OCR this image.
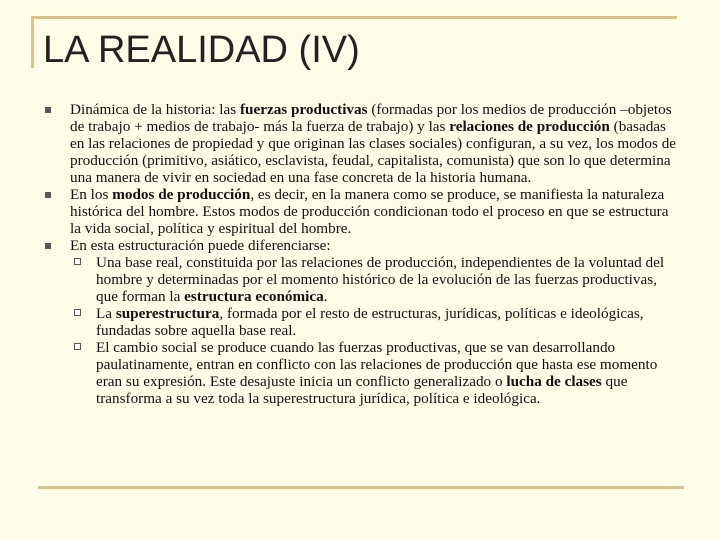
LA REALIDAD (IV)
Dinámica de la historia: las fuerzas productivas (formadas por los medios de producción –objetos de trabajo + medios de trabajo- más la fuerza de trabajo) y las relaciones de producción (basadas en las relaciones de propiedad y que originan las clases sociales) configuran, a su vez, los modos de producción (primitivo, asiático, esclavista, feudal, capitalista, comunista) que son lo que determina una manera de vivir en sociedad en una fase concreta de la historia humana.
En los modos de producción, es decir, en la manera como se produce, se manifiesta la naturaleza histórica del hombre. Estos modos de producción condicionan todo el proceso en que se estructura la vida social, política y espiritual del hombre.
En esta estructuración puede diferenciarse:
Una base real, constituida por las relaciones de producción, independientes de la voluntad del hombre y determinadas por el momento histórico de la evolución de las fuerzas productivas, que forman la estructura económica.
La superestructura, formada por el resto de estructuras, jurídicas, políticas e ideológicas, fundadas sobre aquella base real.
El cambio social se produce cuando las fuerzas productivas, que se van desarrollando paulatinamente, entran en conflicto con las relaciones de producción que hasta ese momento eran su expresión. Este desajuste inicia un conflicto generalizado o lucha de clases que transforma a su vez toda la superestructura jurídica, política e ideológica.
